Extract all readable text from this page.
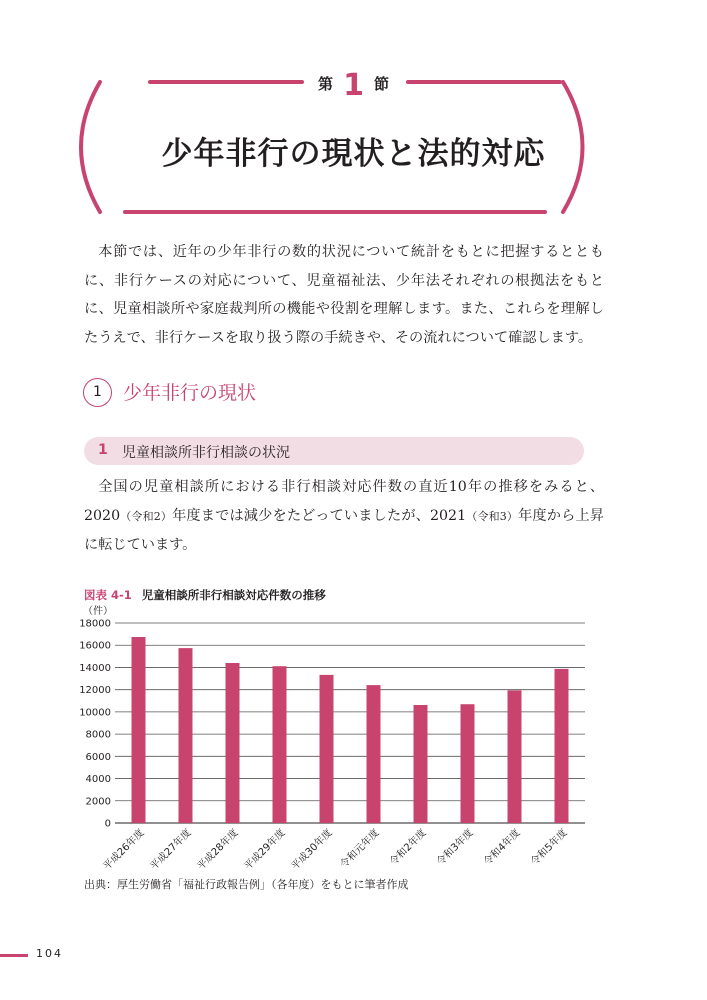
第 1 節
少年非行の現状と法的対応

本節では、近年の少年非行の数的状況について統計をもとに把握するとともに、非行ケースの対応について、児童福祉法、少年法それぞれの根拠法をもとに、児童相談所や家庭裁判所の機能や役割を理解します。また、これらを理解したうえで、非行ケースを取り扱う際の手続きや、その流れについて確認します。

1	少年非行の現状
1 児童相談所非行相談の状況

全国の児童相談所における非行相談対応件数の直近10年の推移をみると、2020（令和2）年度までは減少をたどっていましたが、2021（令和3）年度から上昇に転じています。

図表 4-1 児童相談所非行相談対応件数の推移
（件）
0
2000
4000
6000
8000
10000
12000
14000
16000
18000
平成26年度 平成27年度 平成28年度 平成29年度 平成30年度 令和元年度 令和2年度 令和3年度 令和4年度 令和5年度
出典：厚生労働省「福祉行政報告例」（各年度）をもとに筆者作成
104
